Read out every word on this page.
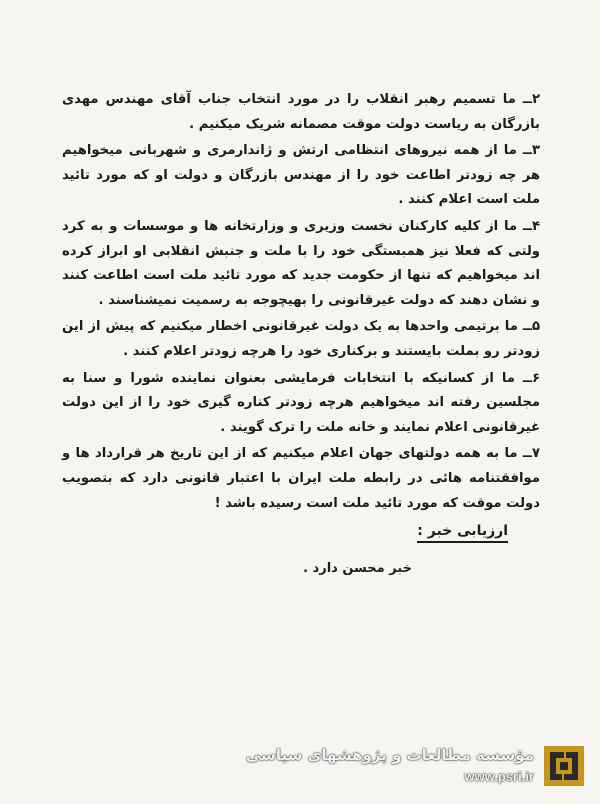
۲ــ ما تسمیم رهبر انقلاب را در مورد انتخاب جناب آقای مهندس مهدی بازرگان به ریاست دولت موقت مصمانه شریک میکنیم .

۳ــ ما از همه نیروهای انتظامی ارتش و ژاندارمری و شهربانی میخواهیم هر چه زودتر اطاعت خود را از مهندس بازرگان و دولت او که مورد تائید ملت است اعلام کنند .

۴ــ ما از کلیه کارکنان نخست وزیری و وزارتخانه ها و موسسات و به کرد ولتی که فعلا نیز همبستگی خود را با ملت و جنبش انقلابی او ابراز کرده اند میخواهیم که تنها از حکومت جدید که مورد تائید ملت است اطاعت کنند و نشان دهند که دولت غیرقانونی را بهیچوجه به رسمیت نمیشناسند .

۵ــ ما برتیمی واحدها به یک دولت غیرقانونی اخطار میکنیم که پیش از این زودتر رو بملت بایستند و برکناری خود را هرچه زودتر اعلام کنند .

۶ــ ما از کسانیکه با انتخابات فرمایشی بعنوان نماینده شورا و سنا به مجلسین رفته اند میخواهیم هرچه زودتر کناره گیری خود را از این دولت غیرقانونی اعلام نمایند و خانه ملت را ترک گویند .

۷ــ ما به همه دولتهای جهان اعلام میکنیم که از این تاریخ هر قرارداد ها و موافقتنامه هائی در رابطه ملت ایران با اعتبار قانونی دارد که بتصویب دولت موقت که مورد تائید ملت است رسیده باشد !

ارزیابی خبر :
خبر محسن دارد .
مؤسسه مطالعات و پژوهشهای سیاسی
www.psri.ir
